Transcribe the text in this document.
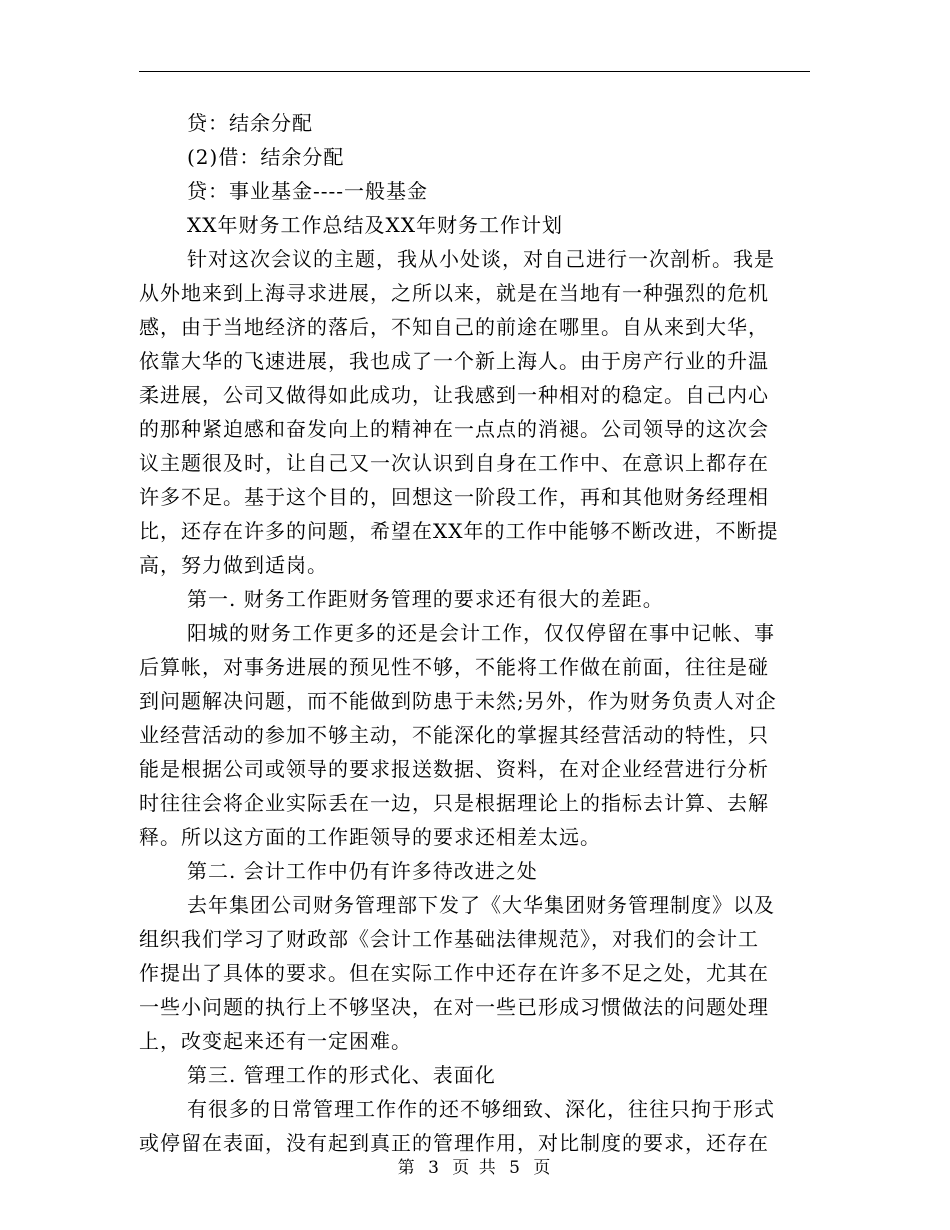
贷：结余分配

(2)借：结余分配

贷：事业基金----一般基金

XX年财务工作总结及XX年财务工作计划

针对这次会议的主题，我从小处谈，对自己进行一次剖析。我是

从外地来到上海寻求进展，之所以来，就是在当地有一种强烈的危机

感，由于当地经济的落后，不知自己的前途在哪里。自从来到大华，

依靠大华的飞速进展，我也成了一个新上海人。由于房产行业的升温

柔进展，公司又做得如此成功，让我感到一种相对的稳定。自己内心

的那种紧迫感和奋发向上的精神在一点点的消褪。公司领导的这次会

议主题很及时，让自己又一次认识到自身在工作中、在意识上都存在

许多不足。基于这个目的，回想这一阶段工作，再和其他财务经理相

比，还存在许多的问题，希望在XX年的工作中能够不断改进，不断提

高，努力做到适岗。

第一. 财务工作距财务管理的要求还有很大的差距。

阳城的财务工作更多的还是会计工作，仅仅停留在事中记帐、事

后算帐，对事务进展的预见性不够，不能将工作做在前面，往往是碰

到问题解决问题，而不能做到防患于未然;另外，作为财务负责人对企

业经营活动的参加不够主动，不能深化的掌握其经营活动的特性，只

能是根据公司或领导的要求报送数据、资料，在对企业经营进行分析

时往往会将企业实际丢在一边，只是根据理论上的指标去计算、去解

释。所以这方面的工作距领导的要求还相差太远。

第二. 会计工作中仍有许多待改进之处

去年集团公司财务管理部下发了《大华集团财务管理制度》以及

组织我们学习了财政部《会计工作基础法律规范》，对我们的会计工

作提出了具体的要求。但在实际工作中还存在许多不足之处，尤其在

一些小问题的执行上不够坚决，在对一些已形成习惯做法的问题处理

上，改变起来还有一定困难。

第三. 管理工作的形式化、表面化

有很多的日常管理工作作的还不够细致、深化，往往只拘于形式

或停留在表面，没有起到真正的管理作用，对比制度的要求，还存在

第 3 页 共 5 页
